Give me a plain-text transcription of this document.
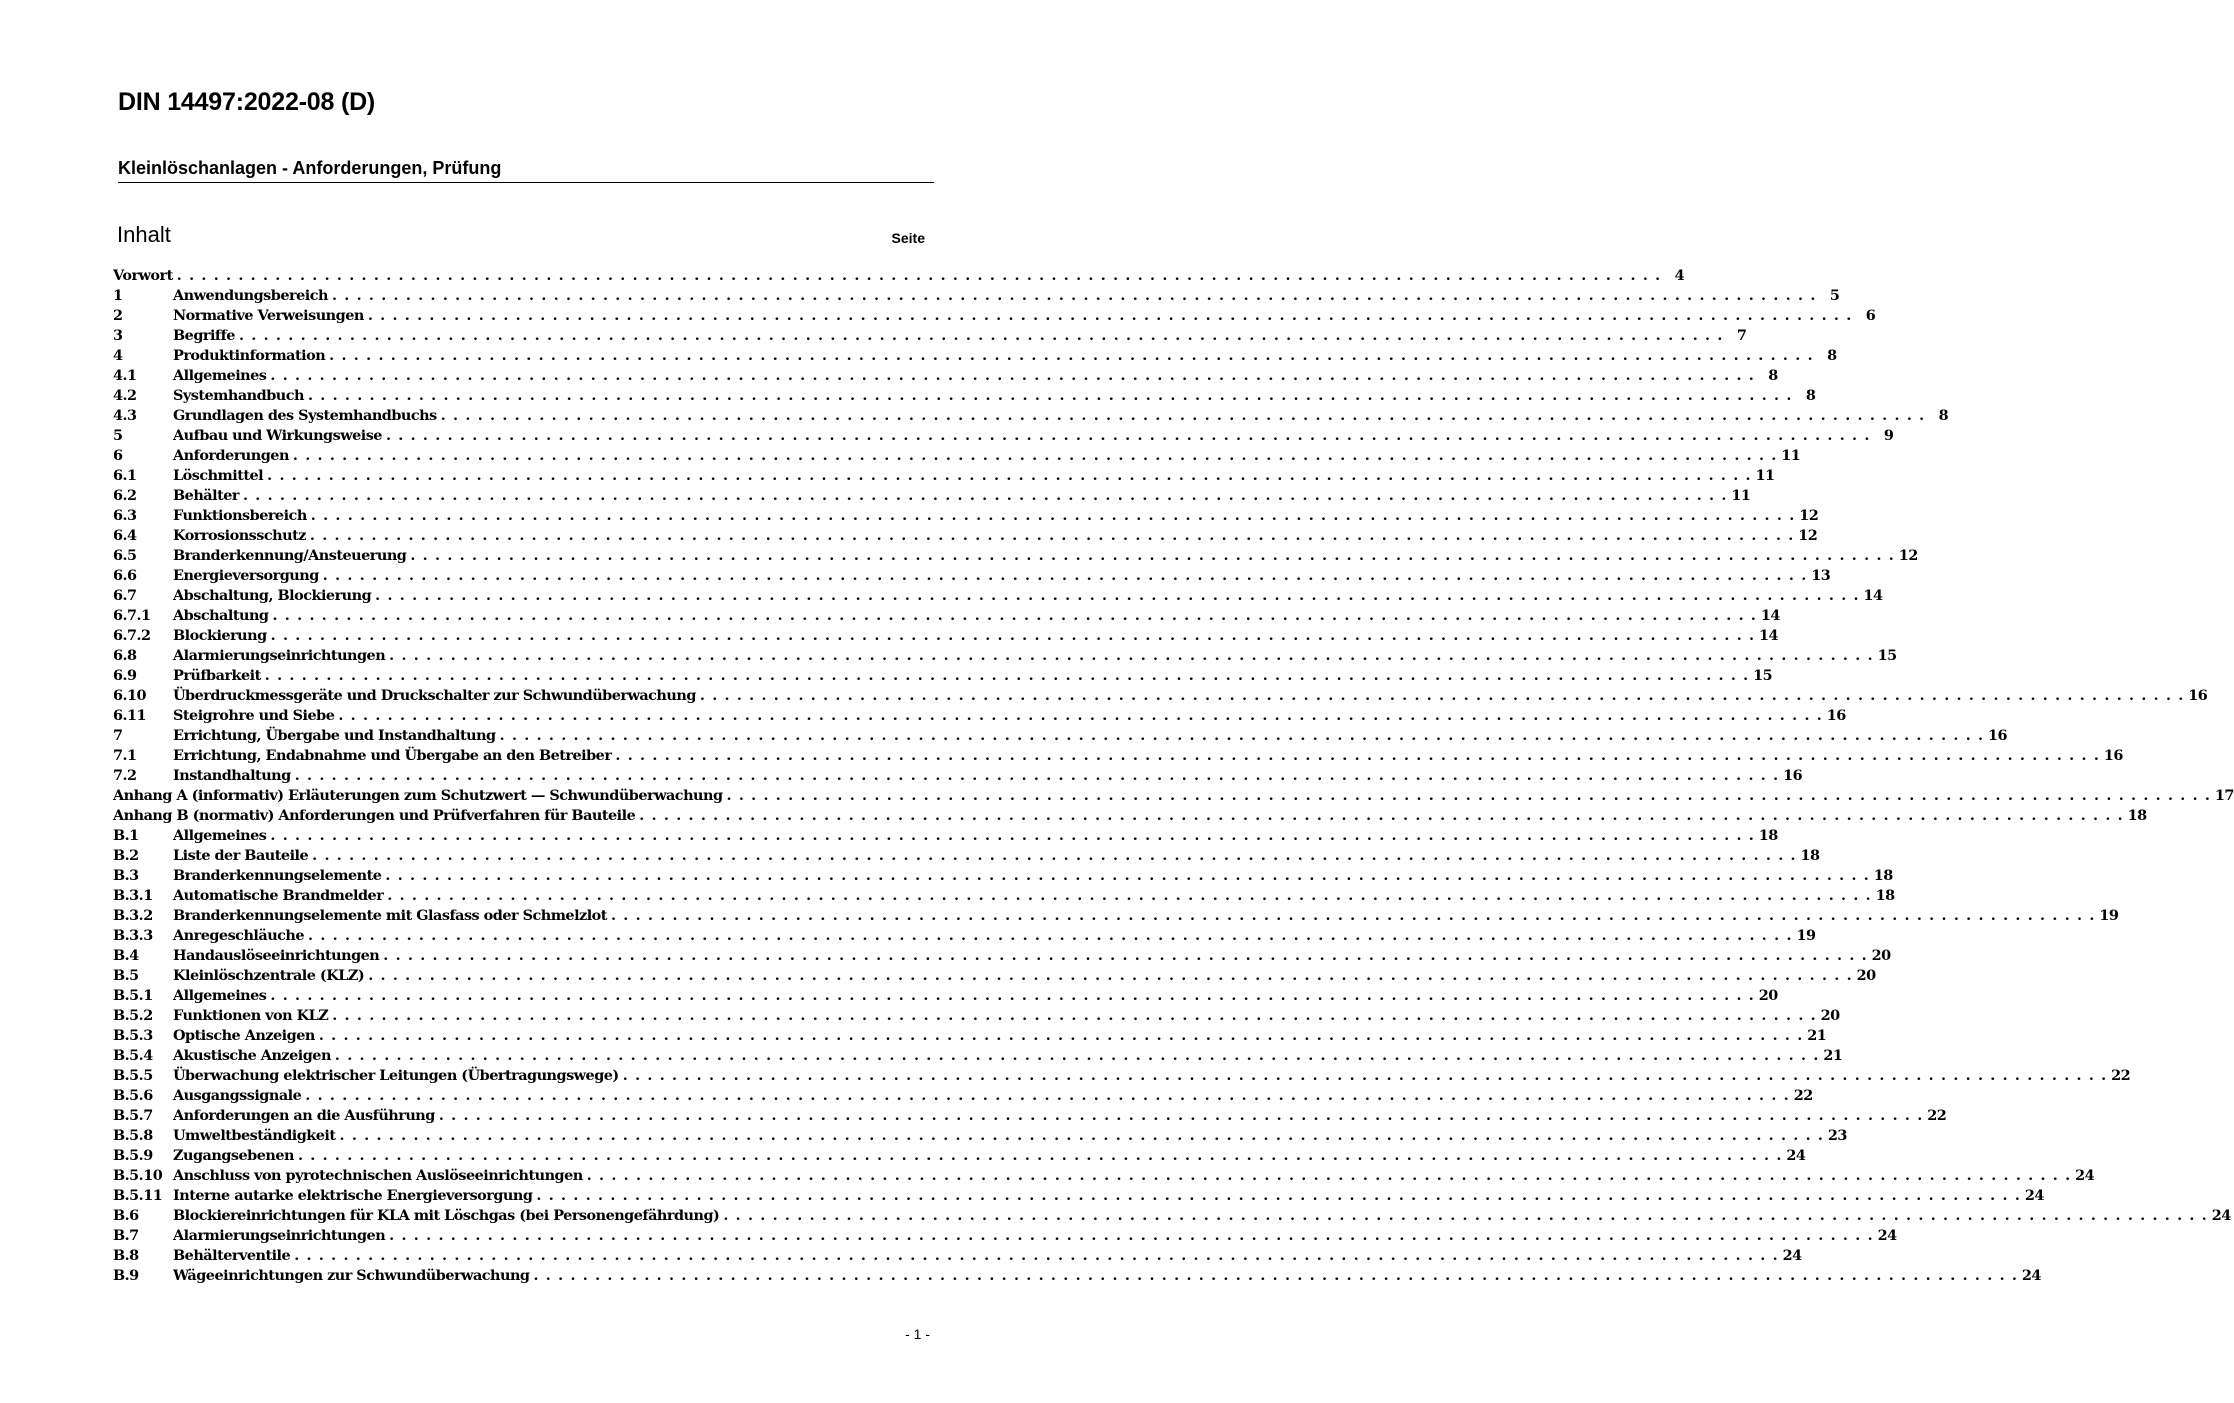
DIN 14497:2022-08 (D)
Kleinlöschanlagen - Anforderungen, Prüfung
Inhalt	Seite
Vorwort . . .	4
1	Anwendungsbereich . . .	5
2	Normative Verweisungen . . .	6
3	Begriffe . . .	7
4	Produktinformation . . .	8
4.1	Allgemeines . . .	8
4.2	Systemhandbuch . . .	8
4.3	Grundlagen des Systemhandbuchs . . .	8
5	Aufbau und Wirkungsweise . . .	9
6	Anforderungen . . .	11
6.1	Löschmittel . . .	11
6.2	Behälter . . .	11
6.3	Funktionsbereich . . .	12
6.4	Korrosionsschutz . . .	12
6.5	Branderkennung/Ansteuerung . . .	12
6.6	Energieversorgung . . .	13
6.7	Abschaltung, Blockierung . . .	14
6.7.1	Abschaltung . . .	14
6.7.2	Blockierung . . .	14
6.8	Alarmierungseinrichtungen . . .	15
6.9	Prüfbarkeit . . .	15
6.10	Überdruckmessgeräte und Druckschalter zur Schwundüberwachung . . .	16
6.11	Steigrohre und Siebe . . .	16
7	Errichtung, Übergabe und Instandhaltung . . .	16
7.1	Errichtung, Endabnahme und Übergabe an den Betreiber . . .	16
7.2	Instandhaltung . . .	16
Anhang A (informativ) Erläuterungen zum Schutzwert — Schwundüberwachung . . .	17
Anhang B (normativ) Anforderungen und Prüfverfahren für Bauteile . . .	18
B.1	Allgemeines . . .	18
B.2	Liste der Bauteile . . .	18
B.3	Branderkennungselemente . . .	18
B.3.1	Automatische Brandmelder . . .	18
B.3.2	Branderkennungselemente mit Glasfass oder Schmelzlot . . .	19
B.3.3	Anregeschläuche . . .	19
B.4	Handauslöseeinrichtungen . . .	20
B.5	Kleinlöschzentrale (KLZ) . . .	20
B.5.1	Allgemeines . . .	20
B.5.2	Funktionen von KLZ . . .	20
B.5.3	Optische Anzeigen . . .	21
B.5.4	Akustische Anzeigen . . .	21
B.5.5	Überwachung elektrischer Leitungen (Übertragungswege) . . .	22
B.5.6	Ausgangssignale . . .	22
B.5.7	Anforderungen an die Ausführung . . .	22
B.5.8	Umweltbeständigkeit . . .	23
B.5.9	Zugangsebenen . . .	24
B.5.10 Anschluss von pyrotechnischen Auslöseeinrichtungen . . .	24
B.5.11 Interne autarke elektrische Energieversorgung . . .	24
B.6	Blockiereinrichtungen für KLA mit Löschgas (bei Personengefährdung) . . .	24
B.7	Alarmierungseinrichtungen . . .	24
B.8	Behälterventile . . .	24
B.9	Wägeeinrichtungen zur Schwundüberwachung . . .	24
- 1 -
